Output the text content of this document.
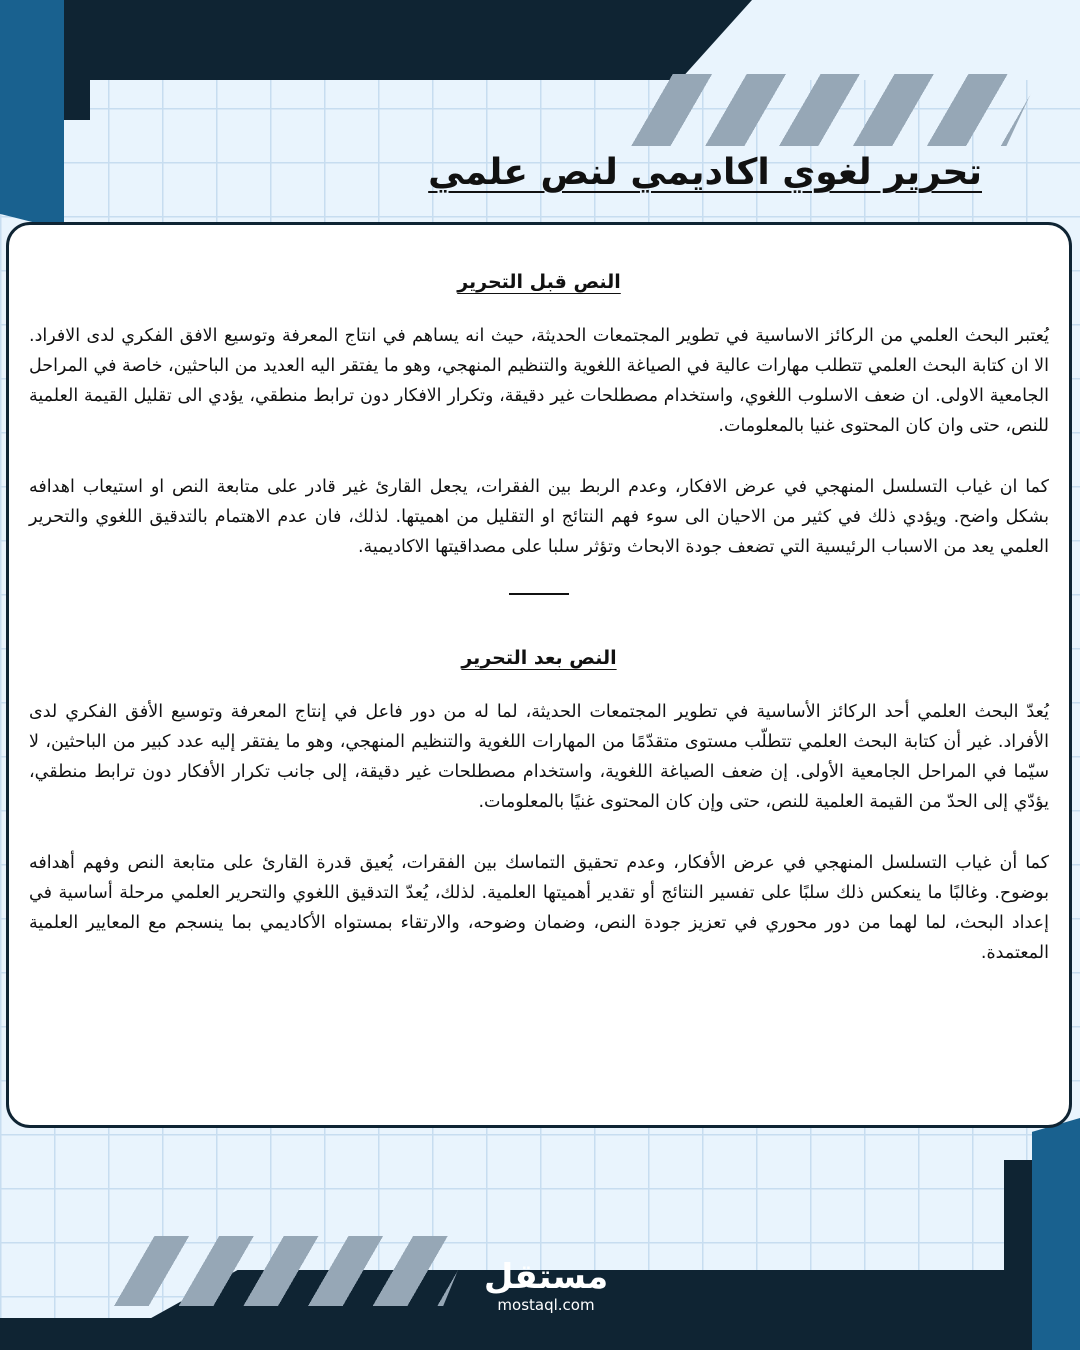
تحرير لغوي اكاديمي لنص علمي
النص قبل التحرير

يُعتبر البحث العلمي من الركائز الاساسية في تطوير المجتمعات الحديثة، حيث انه يساهم في انتاج المعرفة وتوسيع الافق الفكري لدى الافراد. الا ان كتابة البحث العلمي تتطلب مهارات عالية في الصياغة اللغوية والتنظيم المنهجي، وهو ما يفتقر اليه العديد من الباحثين، خاصة في المراحل الجامعية الاولى. ان ضعف الاسلوب اللغوي، واستخدام مصطلحات غير دقيقة، وتكرار الافكار دون ترابط منطقي، يؤدي الى تقليل القيمة العلمية للنص، حتى وان كان المحتوى غنيا بالمعلومات.

كما ان غياب التسلسل المنهجي في عرض الافكار، وعدم الربط بين الفقرات، يجعل القارئ غير قادر على متابعة النص او استيعاب اهدافه بشكل واضح. ويؤدي ذلك في كثير من الاحيان الى سوء فهم النتائج او التقليل من اهميتها. لذلك، فان عدم الاهتمام بالتدقيق اللغوي والتحرير العلمي يعد من الاسباب الرئيسية التي تضعف جودة الابحاث وتؤثر سلبا على مصداقيتها الاكاديمية.

النص بعد التحرير

يُعدّ البحث العلمي أحد الركائز الأساسية في تطوير المجتمعات الحديثة، لما له من دور فاعل في إنتاج المعرفة وتوسيع الأفق الفكري لدى الأفراد. غير أن كتابة البحث العلمي تتطلّب مستوى متقدّمًا من المهارات اللغوية والتنظيم المنهجي، وهو ما يفتقر إليه عدد كبير من الباحثين، لا سيّما في المراحل الجامعية الأولى. إن ضعف الصياغة اللغوية، واستخدام مصطلحات غير دقيقة، إلى جانب تكرار الأفكار دون ترابط منطقي، يؤدّي إلى الحدّ من القيمة العلمية للنص، حتى وإن كان المحتوى غنيًا بالمعلومات.

كما أن غياب التسلسل المنهجي في عرض الأفكار، وعدم تحقيق التماسك بين الفقرات، يُعيق قدرة القارئ على متابعة النص وفهم أهدافه بوضوح. وغالبًا ما ينعكس ذلك سلبًا على تفسير النتائج أو تقدير أهميتها العلمية. لذلك، يُعدّ التدقيق اللغوي والتحرير العلمي مرحلة أساسية في إعداد البحث، لما لهما من دور محوري في تعزيز جودة النص، وضمان وضوحه، والارتقاء بمستواه الأكاديمي بما ينسجم مع المعايير العلمية المعتمدة.

مستقل
mostaql.com
